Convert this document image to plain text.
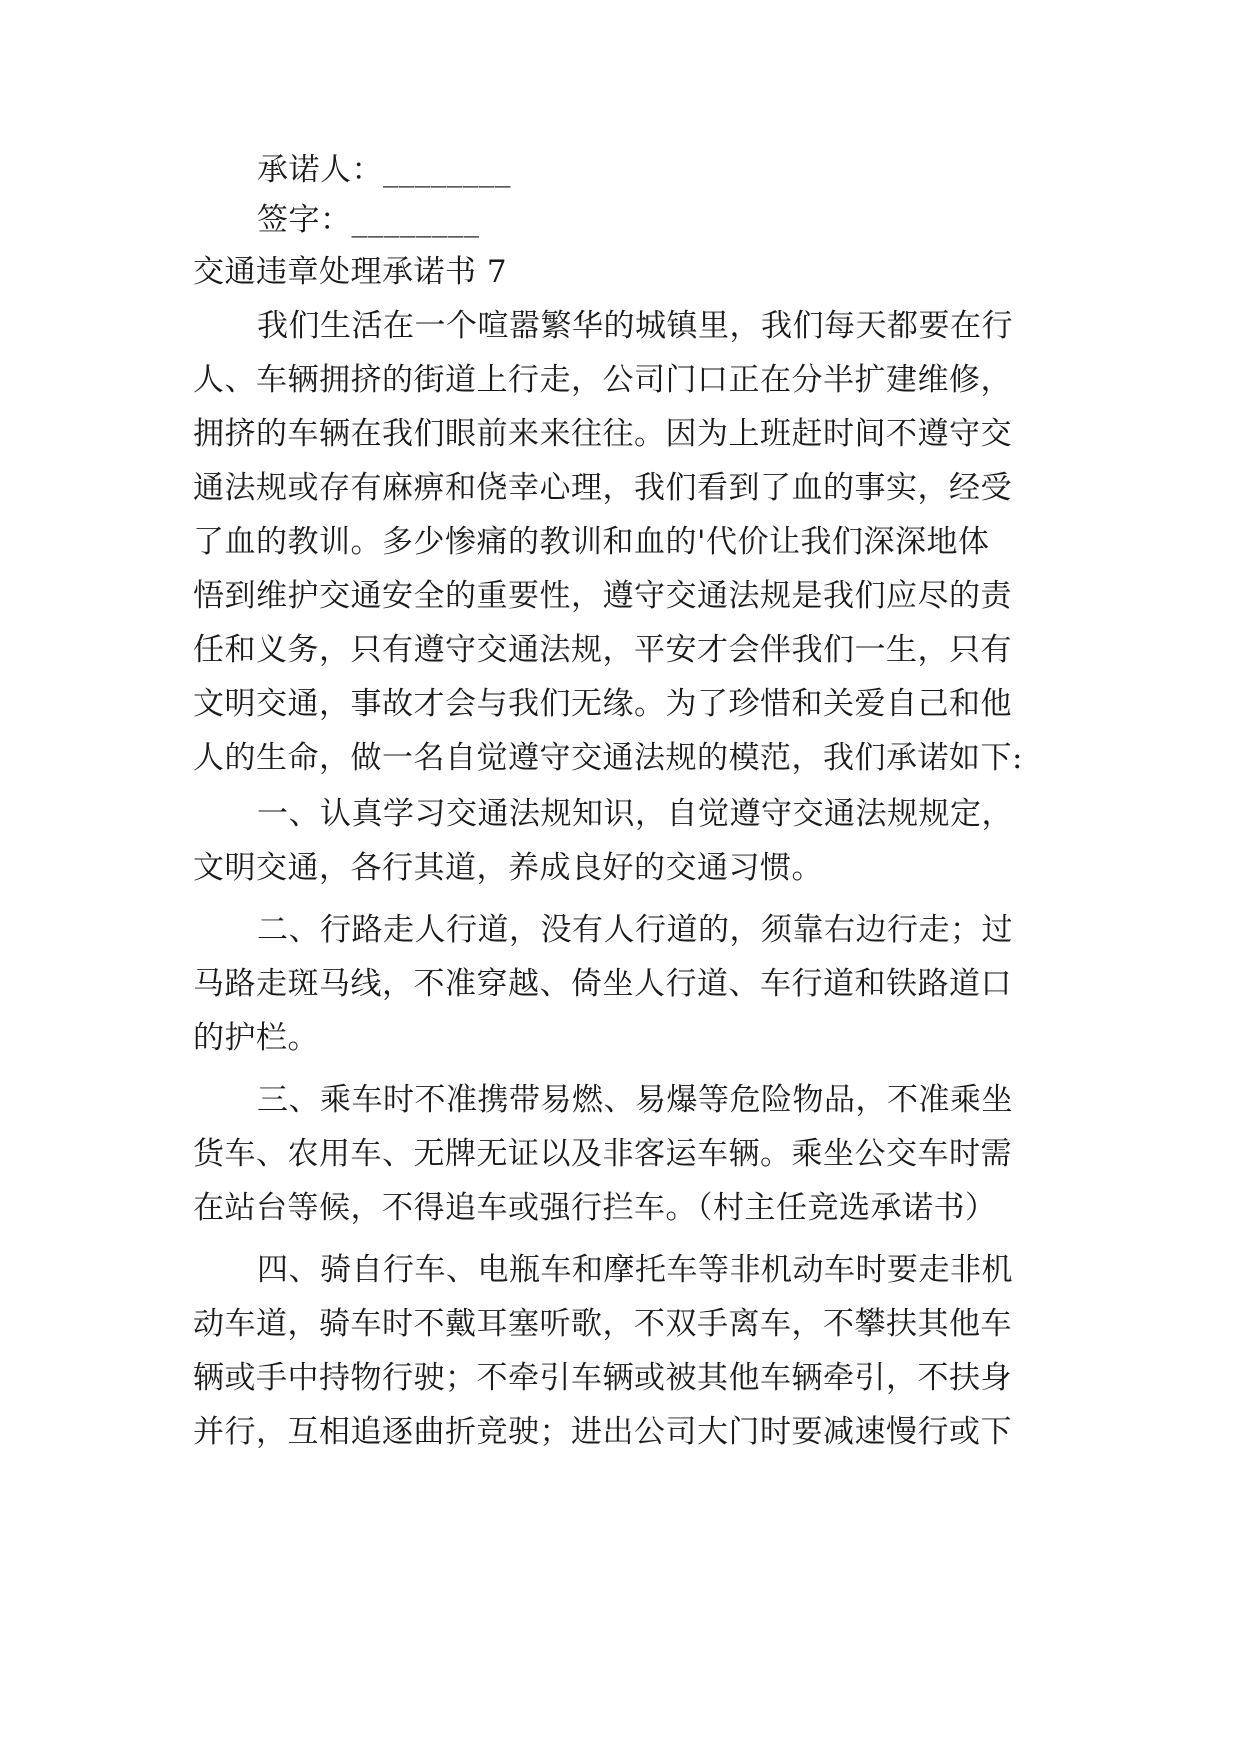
承诺人：________
签字：________
交通违章处理承诺书 7
我们生活在一个喧嚣繁华的城镇里，我们每天都要在行
人、车辆拥挤的街道上行走，公司门口正在分半扩建维修，
拥挤的车辆在我们眼前来来往往。因为上班赶时间不遵守交
通法规或存有麻痹和侥幸心理，我们看到了血的事实，经受
了血的教训。多少惨痛的教训和血的'代价让我们深深地体
悟到维护交通安全的重要性，遵守交通法规是我们应尽的责
任和义务，只有遵守交通法规，平安才会伴我们一生，只有
文明交通，事故才会与我们无缘。为了珍惜和关爱自己和他
人的生命，做一名自觉遵守交通法规的模范，我们承诺如下:
一、认真学习交通法规知识，自觉遵守交通法规规定，
文明交通，各行其道，养成良好的交通习惯。
二、行路走人行道，没有人行道的，须靠右边行走；过
马路走斑马线，不准穿越、倚坐人行道、车行道和铁路道口
的护栏。
三、乘车时不准携带易燃、易爆等危险物品，不准乘坐
货车、农用车、无牌无证以及非客运车辆。乘坐公交车时需
在站台等候，不得追车或强行拦车。（村主任竞选承诺书）
四、骑自行车、电瓶车和摩托车等非机动车时要走非机
动车道，骑车时不戴耳塞听歌，不双手离车，不攀扶其他车
辆或手中持物行驶；不牵引车辆或被其他车辆牵引，不扶身
并行，互相追逐曲折竞驶；进出公司大门时要减速慢行或下
